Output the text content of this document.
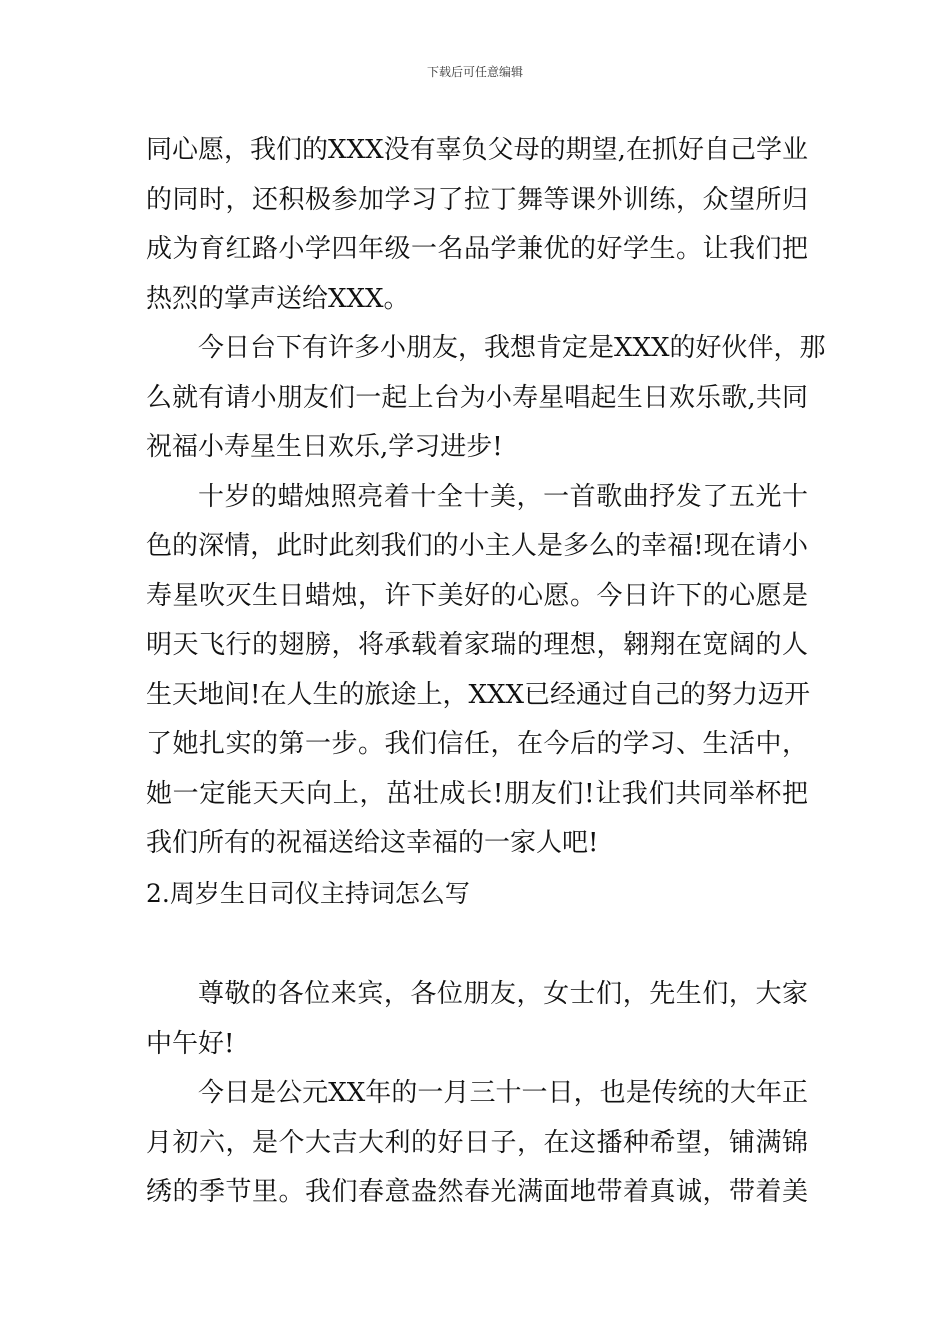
下载后可任意编辑
同心愿，我们的XXX没有辜负父母的期望,在抓好自己学业
的同时，还积极参加学习了拉丁舞等课外训练，众望所归
成为育红路小学四年级一名品学兼优的好学生。让我们把
热烈的掌声送给XXX。
今日台下有许多小朋友，我想肯定是XXX的好伙伴，那
么就有请小朋友们一起上台为小寿星唱起生日欢乐歌,共同
祝福小寿星生日欢乐,学习进步!
十岁的蜡烛照亮着十全十美，一首歌曲抒发了五光十
色的深情，此时此刻我们的小主人是多么的幸福!现在请小
寿星吹灭生日蜡烛，许下美好的心愿。今日许下的心愿是
明天飞行的翅膀，将承载着家瑞的理想，翱翔在宽阔的人
生天地间!在人生的旅途上，XXX已经通过自己的努力迈开
了她扎实的第一步。我们信任，在今后的学习、生活中，
她一定能天天向上，茁壮成长!朋友们!让我们共同举杯把
我们所有的祝福送给这幸福的一家人吧!
2.周岁生日司仪主持词怎么写
尊敬的各位来宾，各位朋友，女士们，先生们，大家
中午好!
今日是公元XX年的一月三十一日，也是传统的大年正
月初六，是个大吉大利的好日子，在这播种希望，铺满锦
绣的季节里。我们春意盎然春光满面地带着真诚，带着美
